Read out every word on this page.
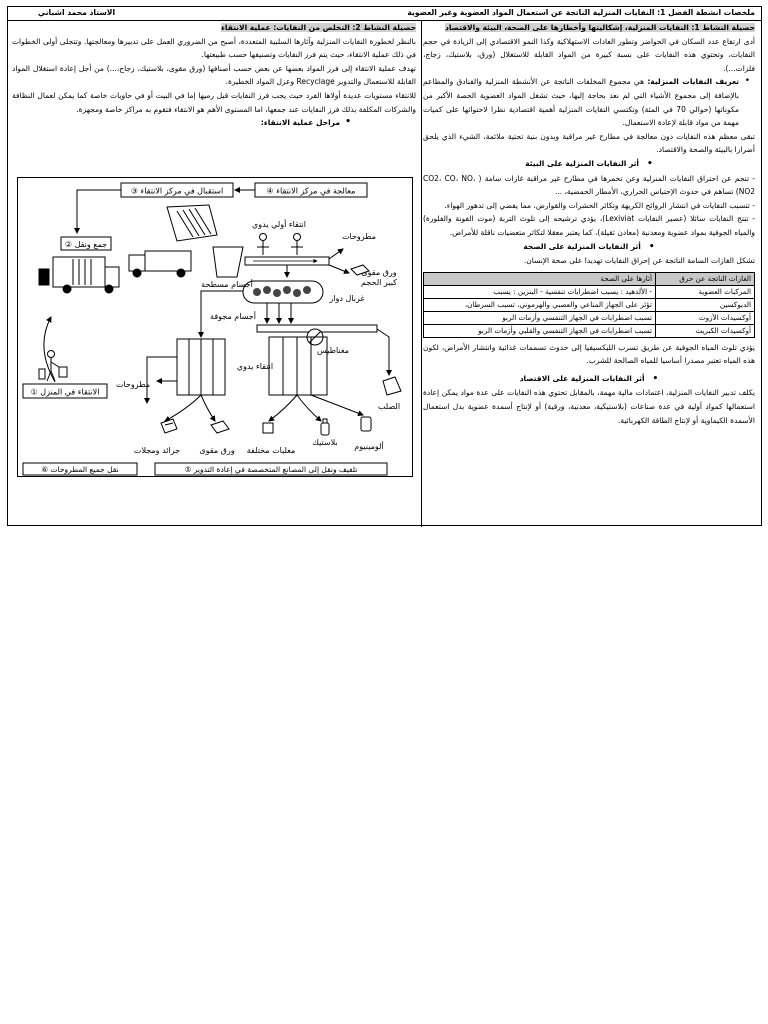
ملخصات انشطة الفصل 1: النفايات المنزلية الناتجة عن استعمال المواد العضوية وغير العضوية
الاستاذ محمد اشباني

حصيلة النشاط 1: النفايات المنزلية، إشكاليتها وأخطارها على الصحة، البيئة والاقتصاد

أدى ارتفاع عدد السكان في الحواضر وتطور العادات الاستهلاكية وكذا النمو الاقتصادي إلى الزيادة في حجم النفايات، وتحتوي هذه النفايات على نسبة كبيرة من المواد القابلة للاستغلال (ورق، بلاستيك، زجاج، فلزات...).

• تعريف النفايات المنزلية: هي مجموع المخلفات الناتجة عن الأنشطة المنزلية والفنادق والمطاعم بالإضافة إلى مجموع الأشياء التي لم نعد بحاجة إليها، حيث تشغل المواد العضوية الحصة الأكبر من مكوناتها (حوالي 70 في المئة) وتكتسي النفايات المنزلية أهمية اقتصادية نظرا لاحتوائها على كميات مهمة من مواد قابلة لإعادة الاستعمال.

تبقى معظم هذه النفايات دون معالجة في مطارح غير مراقبة وبدون بنية تحتية ملائمة، الشيء الذي يلحق أضرارا بالبيئة والصحة والاقتصاد.

• أثر النفايات المنزلية على البيئة

- تنجم عن احتراق النفايات المنزلية وعن تخمرها في مطارح غير مراقبة غازات سامة ( CO2، CO، NO، NO2) تساهم في حدوث الإحتباس الحراري، الأمطار الحمضية، ...

- تتسبب النفايات في انتشار الروائح الكريهة وتكاثر الحشرات والقوارض، مما يفضي إلى تدهور الهواء.

- تنتج النفايات سائلا (عصير النفايات Lexiviat)، يؤدي ترشيحه إلى تلوث التربة (موت الفونة والفلورة) والمياه الجوفية بمواد عضوية ومعدنية (معادن ثقيلة)، كما يعتبر معقلا لتكاثر متعضيات ناقلة للأمراض.

• أثر النفايات المنزلية على الصحة

تشكل الغازات السامة الناتجة عن إحراق النفايات تهديدا على صحة الإنسان.

الغازات الناتجة عن حرق	أثارها على الصحة
المركبات العضوية	- الألدهيد : يسبب اضطرابات تنفسية - البنزين : يسبب
الديوكسين	تؤثر على الجهاز المناعي والعصبي والهرموني، تسبب السرطان،
أوكسيدات الآزوت	تسبب اضطرابات في الجهاز التنفسي وأزمات الربو
أوكسيدات الكبريت	تسبب اضطرابات في الجهاز التنفسي والقلبي وأزمات الربو

يؤدي تلوث المياه الجوفية عن طريق تسرب الليكسيفيا إلى حدوث تسممات غذائية وانتشار الأمراض، لكون هذه المياه تعتبر مصدرا أساسيا للمياه الصالحة للشرب.

• أثر النفايات المنزلية على الاقتصاد

يكلف تدبير النفايات المنزلية، اعتمادات مالية مهمة، بالمقابل تحتوي هذه النفايات على عدة مواد يمكن إعادة استعمالها كمواد أولية في عدة صناعات (بلاستيكية، معدنية، ورقية) أو لإنتاج أسمدة عضوية بدل استعمال الأسمدة الكيماوية أو لإنتاج الطاقة الكهربائية.

حصيلة النشاط 2: التخلص من النفايات: عملية الانتقاء

بالنظر لخطورة النفايات المنزلية وآثارها السلبية المتعددة، أصبح من الضروري العمل على تدبيرها ومعالجتها. وتتجلى أولى الخطوات في ذلك عملية الانتقاء، حيث يتم فرز النفايات وتصنيفها حسب طبيعتها.

تهدف عملية الانتقاء إلى فرز المواد بعضها عن بعض حسب أصنافها (ورق مقوى، بلاستيك، زجاج،...) من أجل إعادة استغلال المواد القابلة للاستعمال والتدوير Recyclage وعزل المواد الخطيرة.

للانتقاء مستويات عديدة أولاها الفرد حيث يجب فرز النفايات قبل رميها إما في البيت أو في حاويات خاصة كما يمكن لعمال النظافة والشركات المكلفة بذلك فرز النفايات عند جمعها، اما المستوى الأهم هو الانتقاء فتقوم به مراكز خاصة ومجهزة.

• مراحل عملية الانتقاء:

③ استقبال في مركز الانتقاء	④ معالجة في مركز الانتقاء
② جمع ونقل
① الانتقاء في المنزل
⑤ تلفيف ونقل إلى المصانع المتخصصة في إعادة التدوير
⑥ نقل جميع المطروحات
انتقاء أولي يدوي
مطروحات
ورق مقوى
كبير الحجم
غربال دوار
أجسام مسطحة
أجسام مجوفة
مغناطيس
الصلب
انتقاء يدوي
مطروحات
جرائد ومجلات ورق مقوى معلبات مختلفة
بلاستيك ألومينيوم
